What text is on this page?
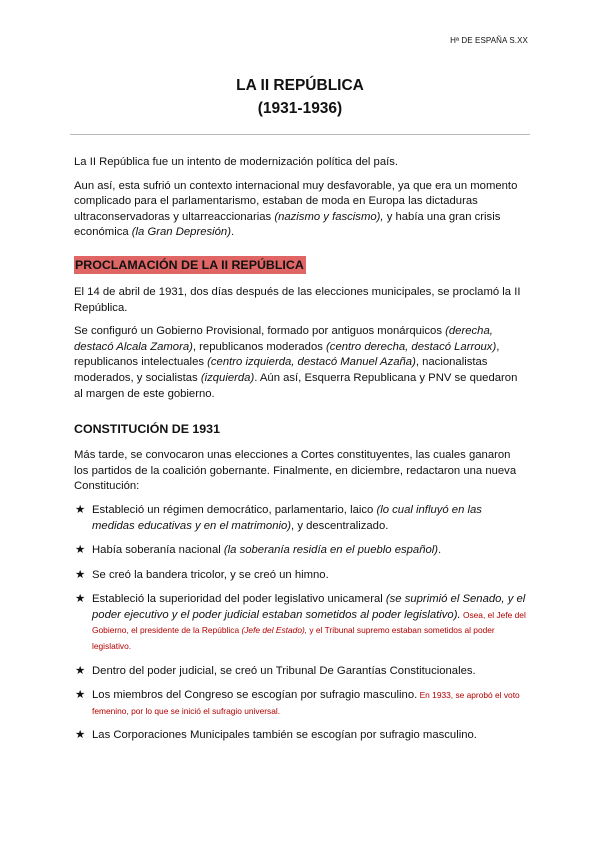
Hª DE ESPAÑA S.XX
LA II REPÚBLICA
(1931-1936)

La II República fue un intento de modernización política del país.

Aun así, esta sufrió un contexto internacional muy desfavorable, ya que era un momento complicado para el parlamentarismo, estaban de moda en Europa las dictaduras ultraconservadoras y ultarreaccionarias (nazismo y fascismo), y había una gran crisis económica (la Gran Depresión).

PROCLAMACIÓN DE LA II REPÚBLICA

El 14 de abril de 1931, dos días después de las elecciones municipales, se proclamó la II República.

Se configuró un Gobierno Provisional, formado por antiguos monárquicos (derecha, destacó Alcala Zamora), republicanos moderados (centro derecha, destacó Larroux), republicanos intelectuales (centro izquierda, destacó Manuel Azaña), nacionalistas moderados, y socialistas (izquierda). Aún así, Esquerra Republicana y PNV se quedaron al margen de este gobierno.

CONSTITUCIÓN DE 1931

Más tarde, se convocaron unas elecciones a Cortes constituyentes, las cuales ganaron los partidos de la coalición gobernante. Finalmente, en diciembre, redactaron una nueva Constitución:

★ Estableció un régimen democrático, parlamentario, laico (lo cual influyó en las medidas educativas y en el matrimonio), y descentralizado.
★ Había soberanía nacional (la soberanía residía en el pueblo español).
★ Se creó la bandera tricolor, y se creó un himno.
★ Estableció la superioridad del poder legislativo unicameral (se suprimió el Senado, y el poder ejecutivo y el poder judicial estaban sometidos al poder legislativo). Osea, el Jefe del Gobierno, el presidente de la República (Jefe del Estado), y el Tribunal supremo estaban sometidos al poder legislativo.
★ Dentro del poder judicial, se creó un Tribunal De Garantías Constitucionales.
★ Los miembros del Congreso se escogían por sufragio masculino. En 1933, se aprobó el voto femenino, por lo que se inició el sufragio universal.
★ Las Corporaciones Municipales también se escogían por sufragio masculino.
